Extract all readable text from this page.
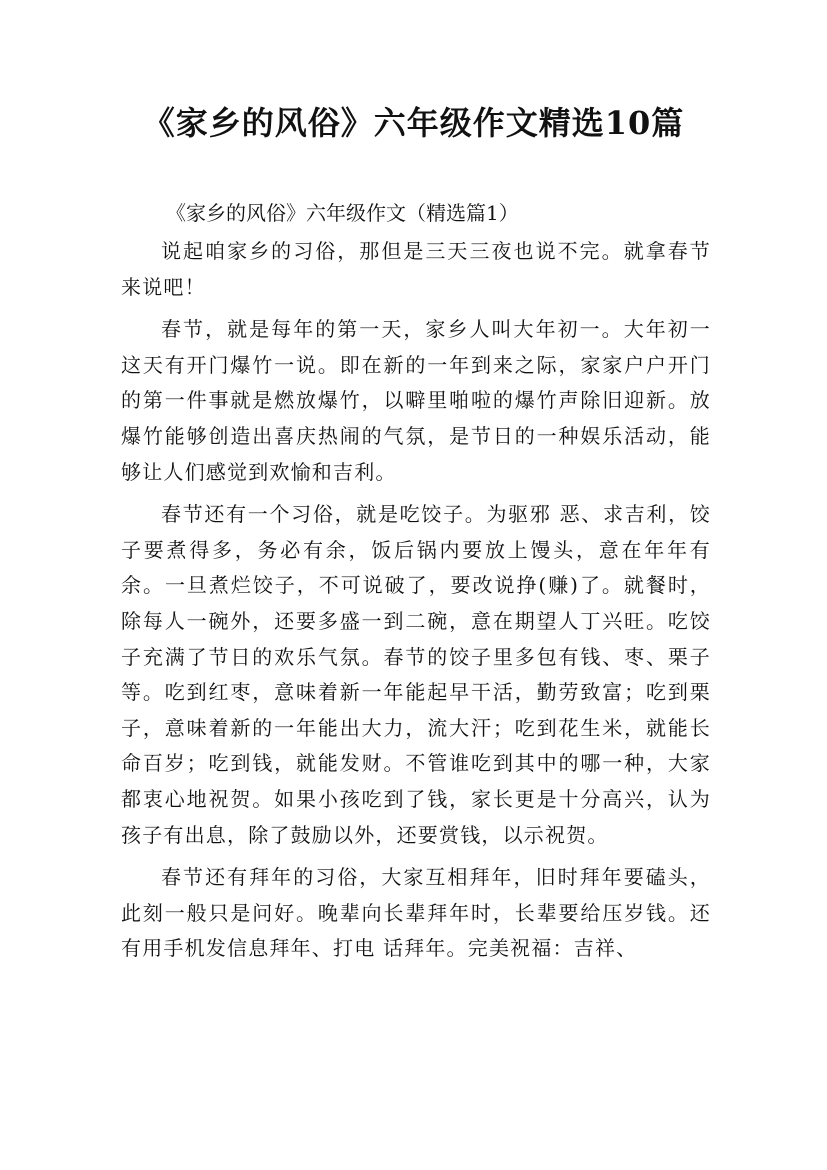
《家乡的风俗》六年级作文精选10篇
《家乡的风俗》六年级作文（精选篇1）

说起咱家乡的习俗，那但是三天三夜也说不完。就拿春节来说吧！

春节，就是每年的第一天，家乡人叫大年初一。大年初一这天有开门爆竹一说。即在新的一年到来之际，家家户户开门的第一件事就是燃放爆竹，以噼里啪啦的爆竹声除旧迎新。放爆竹能够创造出喜庆热闹的气氛，是节日的一种娱乐活动，能够让人们感觉到欢愉和吉利。

春节还有一个习俗，就是吃饺子。为驱邪 恶、求吉利，饺子要煮得多，务必有余，饭后锅内要放上馒头，意在年年有余。一旦煮烂饺子，不可说破了，要改说挣(赚)了。就餐时，除每人一碗外，还要多盛一到二碗，意在期望人丁兴旺。吃饺子充满了节日的欢乐气氛。春节的饺子里多包有钱、枣、栗子等。吃到红枣，意味着新一年能起早干活，勤劳致富；吃到栗子，意味着新的一年能出大力，流大汗；吃到花生米，就能长命百岁；吃到钱，就能发财。不管谁吃到其中的哪一种，大家都衷心地祝贺。如果小孩吃到了钱，家长更是十分高兴，认为孩子有出息，除了鼓励以外，还要赏钱，以示祝贺。

春节还有拜年的习俗，大家互相拜年，旧时拜年要磕头，此刻一般只是问好。晚辈向长辈拜年时，长辈要给压岁钱。还有用手机发信息拜年、打电 话拜年。完美祝福：吉祥、
